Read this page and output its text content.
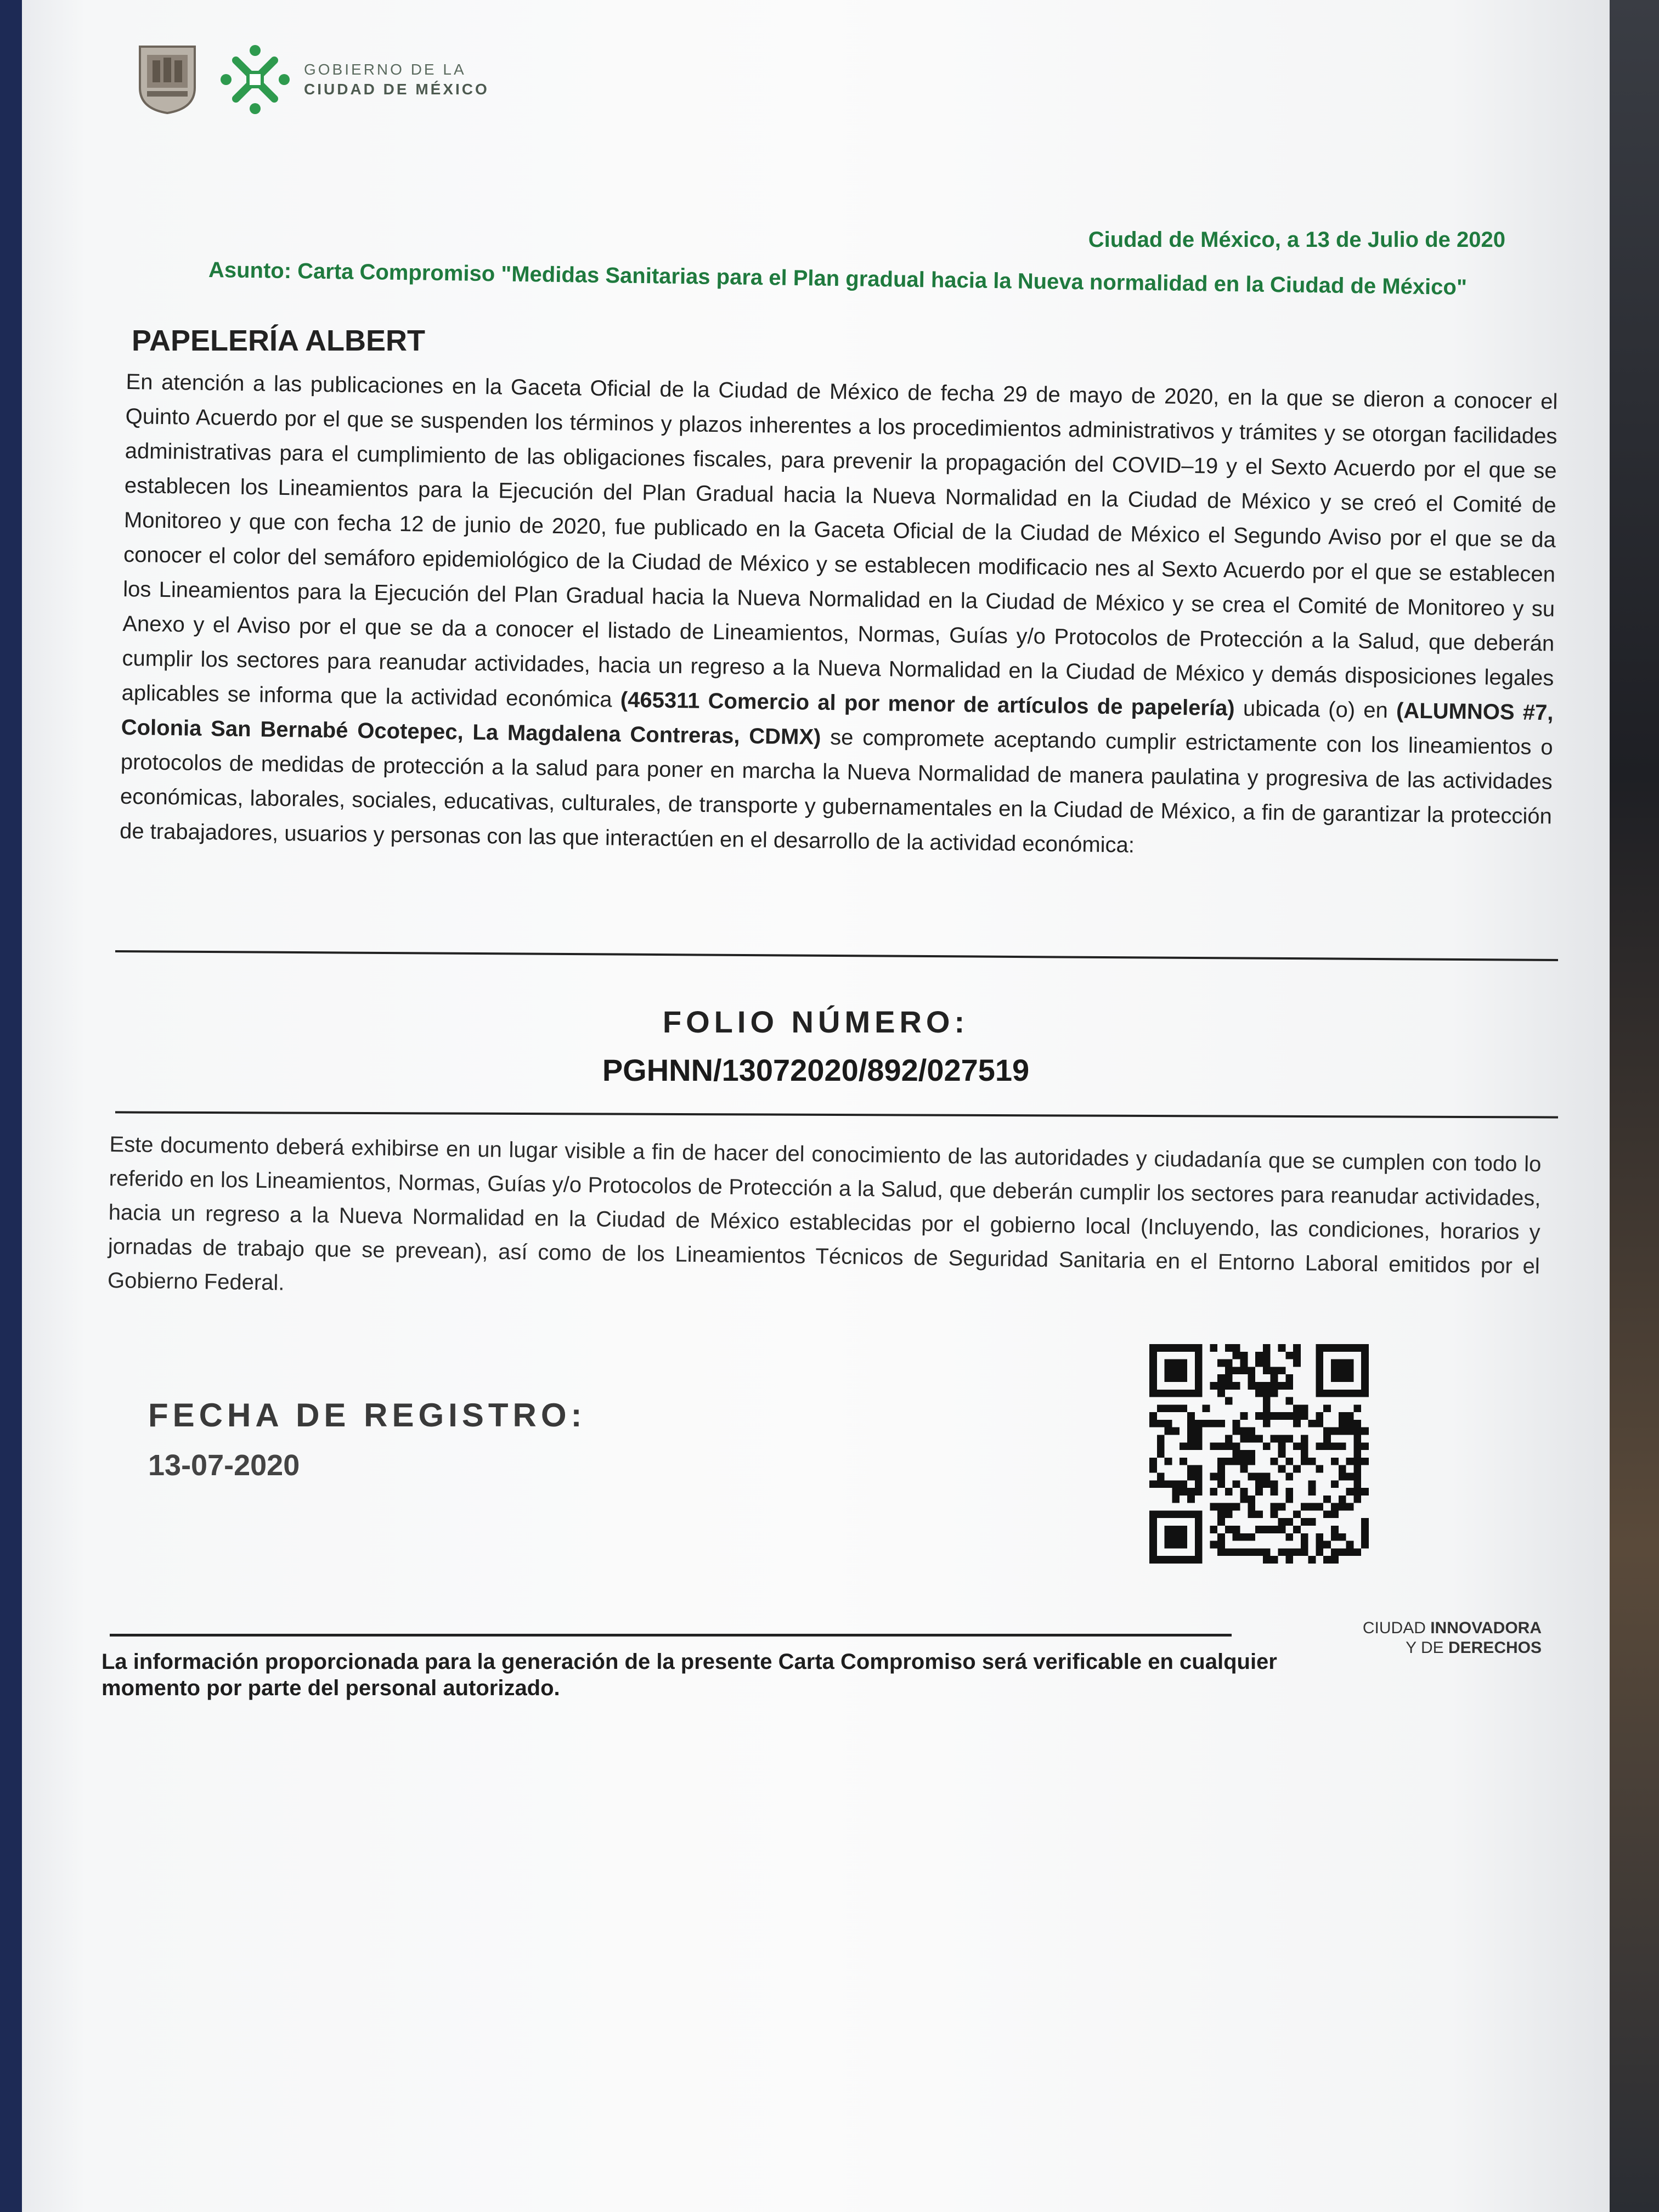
GOBIERNO DE LA
CIUDAD DE MÉXICO
Ciudad de México, a 13 de Julio de 2020
Asunto: Carta Compromiso "Medidas Sanitarias para el Plan gradual hacia la Nueva normalidad en la Ciudad de México"
PAPELERÍA ALBERT
En atención a las publicaciones en la Gaceta Oficial de la Ciudad de México de fecha 29 de mayo de 2020, en la que se dieron a conocer el Quinto Acuerdo por el que se suspenden los términos y plazos inherentes a los procedimientos administrativos y trámites y se otorgan facilidades administrativas para el cumplimiento de las obligaciones fiscales, para prevenir la propagación del COVID–19 y el Sexto Acuerdo por el que se establecen los Lineamientos para la Ejecución del Plan Gradual hacia la Nueva Normalidad en la Ciudad de México y se creó el Comité de Monitoreo y que con fecha 12 de junio de 2020, fue publicado en la Gaceta Oficial de la Ciudad de México el Segundo Aviso por el que se da conocer el color del semáforo epidemiológico de la Ciudad de México y se establecen modificacio nes al Sexto Acuerdo por el que se establecen los Lineamientos para la Ejecución del Plan Gradual hacia la Nueva Normalidad en la Ciudad de México y se crea el Comité de Monitoreo y su Anexo y el Aviso por el que se da a conocer el listado de Lineamientos, Normas, Guías y/o Protocolos de Protección a la Salud, que deberán cumplir los sectores para reanudar actividades, hacia un regreso a la Nueva Normalidad en la Ciudad de México y demás disposiciones legales aplicables se informa que la actividad económica (465311 Comercio al por menor de artículos de papelería) ubicada (o) en (ALUMNOS #7, Colonia San Bernabé Ocotepec, La Magdalena Contreras, CDMX) se compromete aceptando cumplir estrictamente con los lineamientos o protocolos de medidas de protección a la salud para poner en marcha la Nueva Normalidad de manera paulatina y progresiva de las actividades económicas, laborales, sociales, educativas, culturales, de transporte y gubernamentales en la Ciudad de México, a fin de garantizar la protección de trabajadores, usuarios y personas con las que interactúen en el desarrollo de la actividad económica:
FOLIO NÚMERO:
PGHNN/13072020/892/027519
Este documento deberá exhibirse en un lugar visible a fin de hacer del conocimiento de las autoridades y ciudadanía que se cumplen con todo lo referido en los Lineamientos, Normas, Guías y/o Protocolos de Protección a la Salud, que deberán cumplir los sectores para reanudar actividades, hacia un regreso a la Nueva Normalidad en la Ciudad de México establecidas por el gobierno local (Incluyendo, las condiciones, horarios y jornadas de trabajo que se prevean), así como de los Lineamientos Técnicos de Seguridad Sanitaria en el Entorno Laboral emitidos por el Gobierno Federal.
FECHA DE REGISTRO:
13-07-2020
CIUDAD INNOVADORA
Y DE DERECHOS
La información proporcionada para la generación de la presente Carta Compromiso será verificable en cualquier momento por parte del personal autorizado.
